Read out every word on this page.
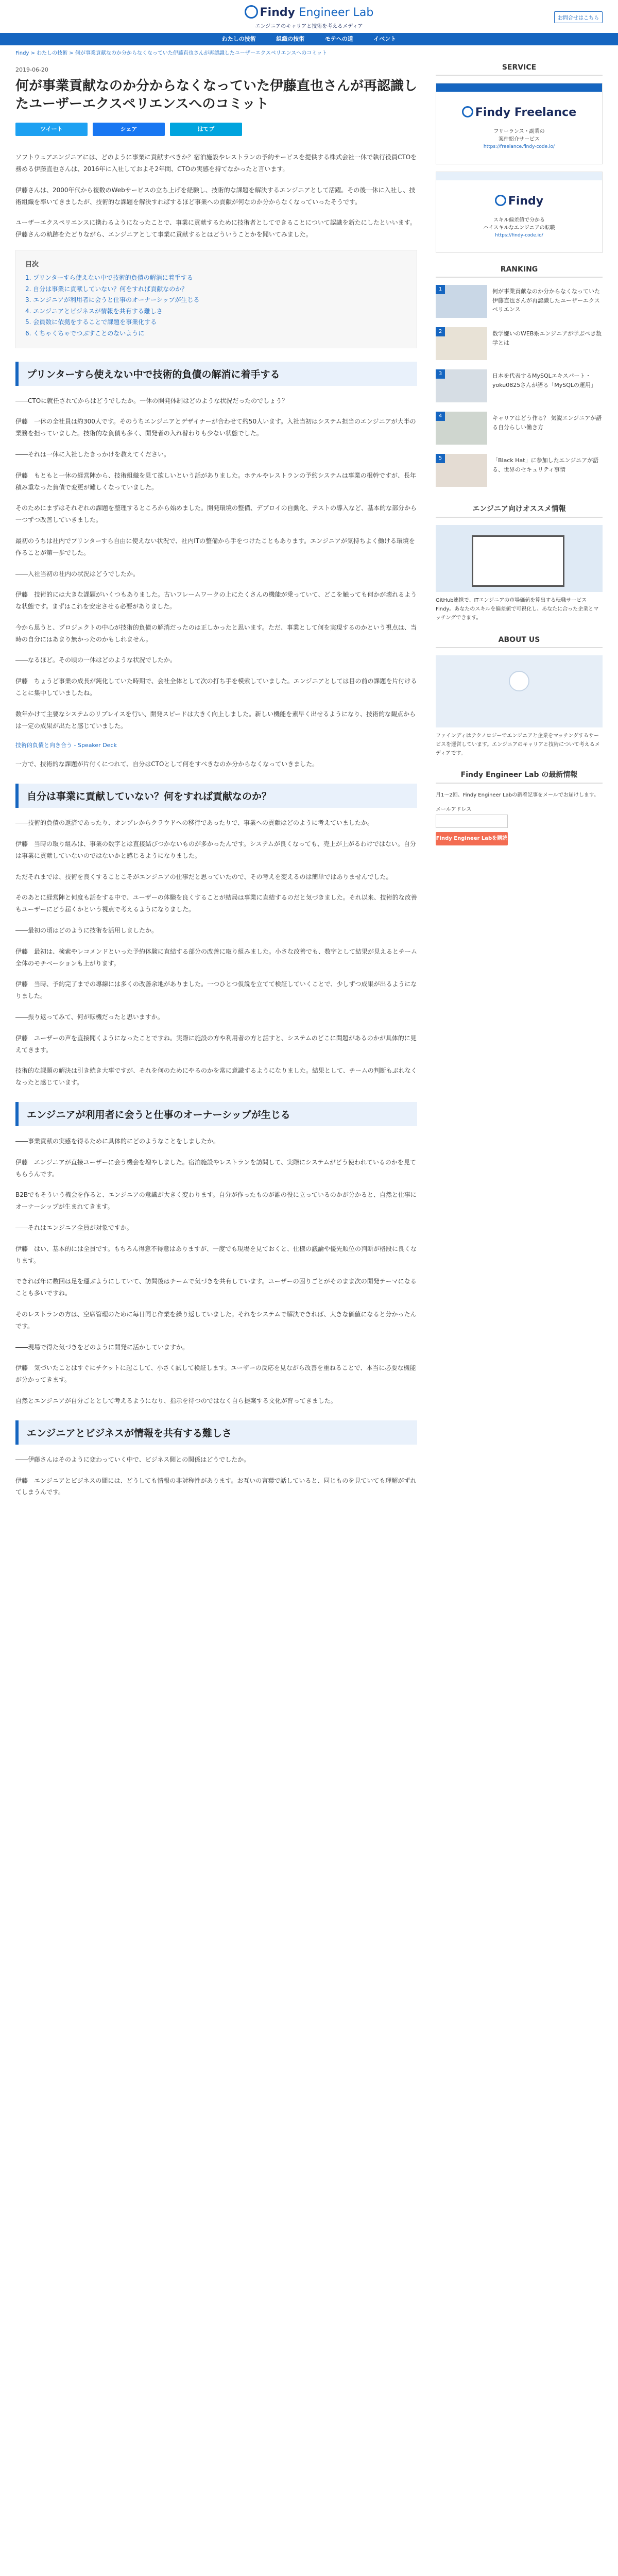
Findy Engineer Lab
エンジニアのキャリアと技術を考えるメディア
お問合せはこちら
わたしの技術	組織の技術	モテへの道	イベント
Findy > わたしの技術 > 何が事業貢献なのか分からなくなっていた伊藤直也さんが再認識したユーザーエクスペリエンスへのコミット
2019-06-20
何が事業貢献なのか分からなくなっていた伊藤直也さんが再認識したユーザーエクスペリエンスへのコミット
ツイート	シェア	はてブ

ソフトウェアエンジニアには、どのように事業に貢献すべきか？宿泊施設やレストランの予約サービスを提供する株式会社一休で執行役員CTOを務める伊藤直也さんは、2016年に入社しておよそ2年間、CTOの実感を持てなかったと言います。

伊藤さんは、2000年代から複数のWebサービスの立ち上げを経験し、技術的な課題を解決するエンジニアとして活躍。その後一休に入社し、技術組織を率いてきましたが、技術的な課題を解決すればするほど事業への貢献が何なのか分からなくなっていったそうです。

ユーザーエクスペリエンスに携わるようになったことで、事業に貢献するために技術者としてできることについて認識を新たにしたといいます。伊藤さんの軌跡をたどりながら、エンジニアとして事業に貢献するとはどういうことかを聞いてみました。

目次
1. プリンターすら使えない中で技術的負債の解消に着手する
2. 自分は事業に貢献していない？何をすれば貢献なのか？
3. エンジニアが利用者に会うと仕事のオーナーシップが生じる
4. エンジニアとビジネスが情報を共有する難しさ
5. 会員数に依拠をすることで課題を事業化する
6. くちゃくちゃでつぶすことのないように
プリンターすら使えない中で技術的負債の解消に着手する

――CTOに就任されてからはどうでしたか。一休の開発体制はどのような状況だったのでしょう？

伊藤　一休の全社員は約300人です。そのうちエンジニアとデザイナーが合わせて約50人います。入社当初はシステム担当のエンジニアが大半の業務を担っていました。技術的な負債も多く、開発者の入れ替わりも少ない状態でした。

――それは一休に入社したきっかけを教えてください。

伊藤　もともと一休の経営陣から、技術組織を見て欲しいという話がありました。ホテルやレストランの予約システムは事業の根幹ですが、長年積み重なった負債で変更が難しくなっていました。

そのためにまずはそれぞれの課題を整理するところから始めました。開発環境の整備、デプロイの自動化、テストの導入など、基本的な部分から一つずつ改善していきました。

最初のうちは社内でプリンターすら自由に使えない状況で、社内ITの整備から手をつけたこともあります。エンジニアが気持ちよく働ける環境を作ることが第一歩でした。

――入社当初の社内の状況はどうでしたか。

伊藤　技術的には大きな課題がいくつもありました。古いフレームワークの上にたくさんの機能が乗っていて、どこを触っても何かが壊れるような状態です。まずはこれを安定させる必要がありました。

今から思うと、プロジェクトの中心が技術的負債の解消だったのは正しかったと思います。ただ、事業として何を実現するのかという視点は、当時の自分にはあまり無かったのかもしれません。

――なるほど。その頃の一休はどのような状況でしたか。

伊藤　ちょうど事業の成長が鈍化していた時期で、会社全体として次の打ち手を模索していました。エンジニアとしては目の前の課題を片付けることに集中していましたね。

数年かけて主要なシステムのリプレイスを行い、開発スピードは大きく向上しました。新しい機能を素早く出せるようになり、技術的な観点からは一定の成果が出たと感じていました。

技術的負債と向き合う - Speaker Deck

一方で、技術的な課題が片付くにつれて、自分はCTOとして何をすべきなのか分からなくなっていきました。

自分は事業に貢献していない？何をすれば貢献なのか？

――技術的負債の返済であったり、オンプレからクラウドへの移行であったりで、事業への貢献はどのように考えていましたか。

伊藤　当時の取り組みは、事業の数字とは直接結びつかないものが多かったんです。システムが良くなっても、売上が上がるわけではない。自分は事業に貢献していないのではないかと感じるようになりました。

ただそれまでは、技術を良くすることこそがエンジニアの仕事だと思っていたので、その考えを変えるのは簡単ではありませんでした。

そのあとに経営陣と何度も話をする中で、ユーザーの体験を良くすることが結局は事業に直結するのだと気づきました。それ以来、技術的な改善もユーザーにどう届くかという視点で考えるようになりました。

――最初の頃はどのように技術を活用しましたか。

伊藤　最初は、検索やレコメンドといった予約体験に直結する部分の改善に取り組みました。小さな改善でも、数字として結果が見えるとチーム全体のモチベーションも上がります。

伊藤　当時、予約完了までの導線には多くの改善余地がありました。一つひとつ仮説を立てて検証していくことで、少しずつ成果が出るようになりました。

――振り返ってみて、何が転機だったと思いますか。

伊藤　ユーザーの声を直接聞くようになったことですね。実際に施設の方や利用者の方と話すと、システムのどこに問題があるのかが具体的に見えてきます。

技術的な課題の解決は引き続き大事ですが、それを何のためにやるのかを常に意識するようになりました。結果として、チームの判断もぶれなくなったと感じています。

エンジニアが利用者に会うと仕事のオーナーシップが生じる

――事業貢献の実感を得るために具体的にどのようなことをしましたか。

伊藤　エンジニアが直接ユーザーに会う機会を増やしました。宿泊施設やレストランを訪問して、実際にシステムがどう使われているのかを見てもらうんです。

B2Bでもそういう機会を作ると、エンジニアの意識が大きく変わります。自分が作ったものが誰の役に立っているのかが分かると、自然と仕事にオーナーシップが生まれてきます。

――それはエンジニア全員が対象ですか。

伊藤　はい、基本的には全員です。もちろん得意不得意はありますが、一度でも現場を見ておくと、仕様の議論や優先順位の判断が格段に良くなります。

できれば年に数回は足を運ぶようにしていて、訪問後はチームで気づきを共有しています。ユーザーの困りごとがそのまま次の開発テーマになることも多いですね。

そのレストランの方は、空席管理のために毎日同じ作業を繰り返していました。それをシステムで解決できれば、大きな価値になると分かったんです。

――現場で得た気づきをどのように開発に活かしていますか。

伊藤　気づいたことはすぐにチケットに起こして、小さく試して検証します。ユーザーの反応を見ながら改善を重ねることで、本当に必要な機能が分かってきます。

自然とエンジニアが自分ごととして考えるようになり、指示を待つのではなく自ら提案する文化が育ってきました。

エンジニアとビジネスが情報を共有する難しさ

――伊藤さんはそのように変わっていく中で、ビジネス側との関係はどうでしたか。

伊藤　エンジニアとビジネスの間には、どうしても情報の非対称性があります。お互いの言葉で話していると、同じものを見ていても理解がずれてしまうんです。

SERVICE
Findy Freelance
フリーランス・副業の
案件紹介サービス
https://freelance.findy-code.io/
Findy
スキル偏差値で分かる
ハイスキルなエンジニアの転職
https://findy-code.io/
RANKING
1	何が事業貢献なのか分からなくなっていた伊藤直也さんが再認識したユーザーエクスペリエンス
2	数学嫌いのWEB系エンジニアが学ぶべき数学とは
3	日本を代表するMySQLエキスパート・yoku0825さんが語る「MySQLの運用」
4	キャリアはどう作る？ 気鋭エンジニアが語る自分らしい働き方
5	「Black Hat」に参加したエンジニアが語る、世界のセキュリティ事情
エンジニア向けオススメ情報
GitHub連携で、ITエンジニアの市場価値を算出する転職サービスFindy。あなたのスキルを偏差値で可視化し、あなたに合った企業とマッチングできます。
ABOUT US
ファインディはテクノロジーでエンジニアと企業をマッチングするサービスを運営しています。エンジニアのキャリアと技術について考えるメディアです。
Findy Engineer Lab の最新情報
月1〜2回、Findy Engineer Labの新着記事をメールでお届けします。
メールアドレス
Findy Engineer Labを購読する
